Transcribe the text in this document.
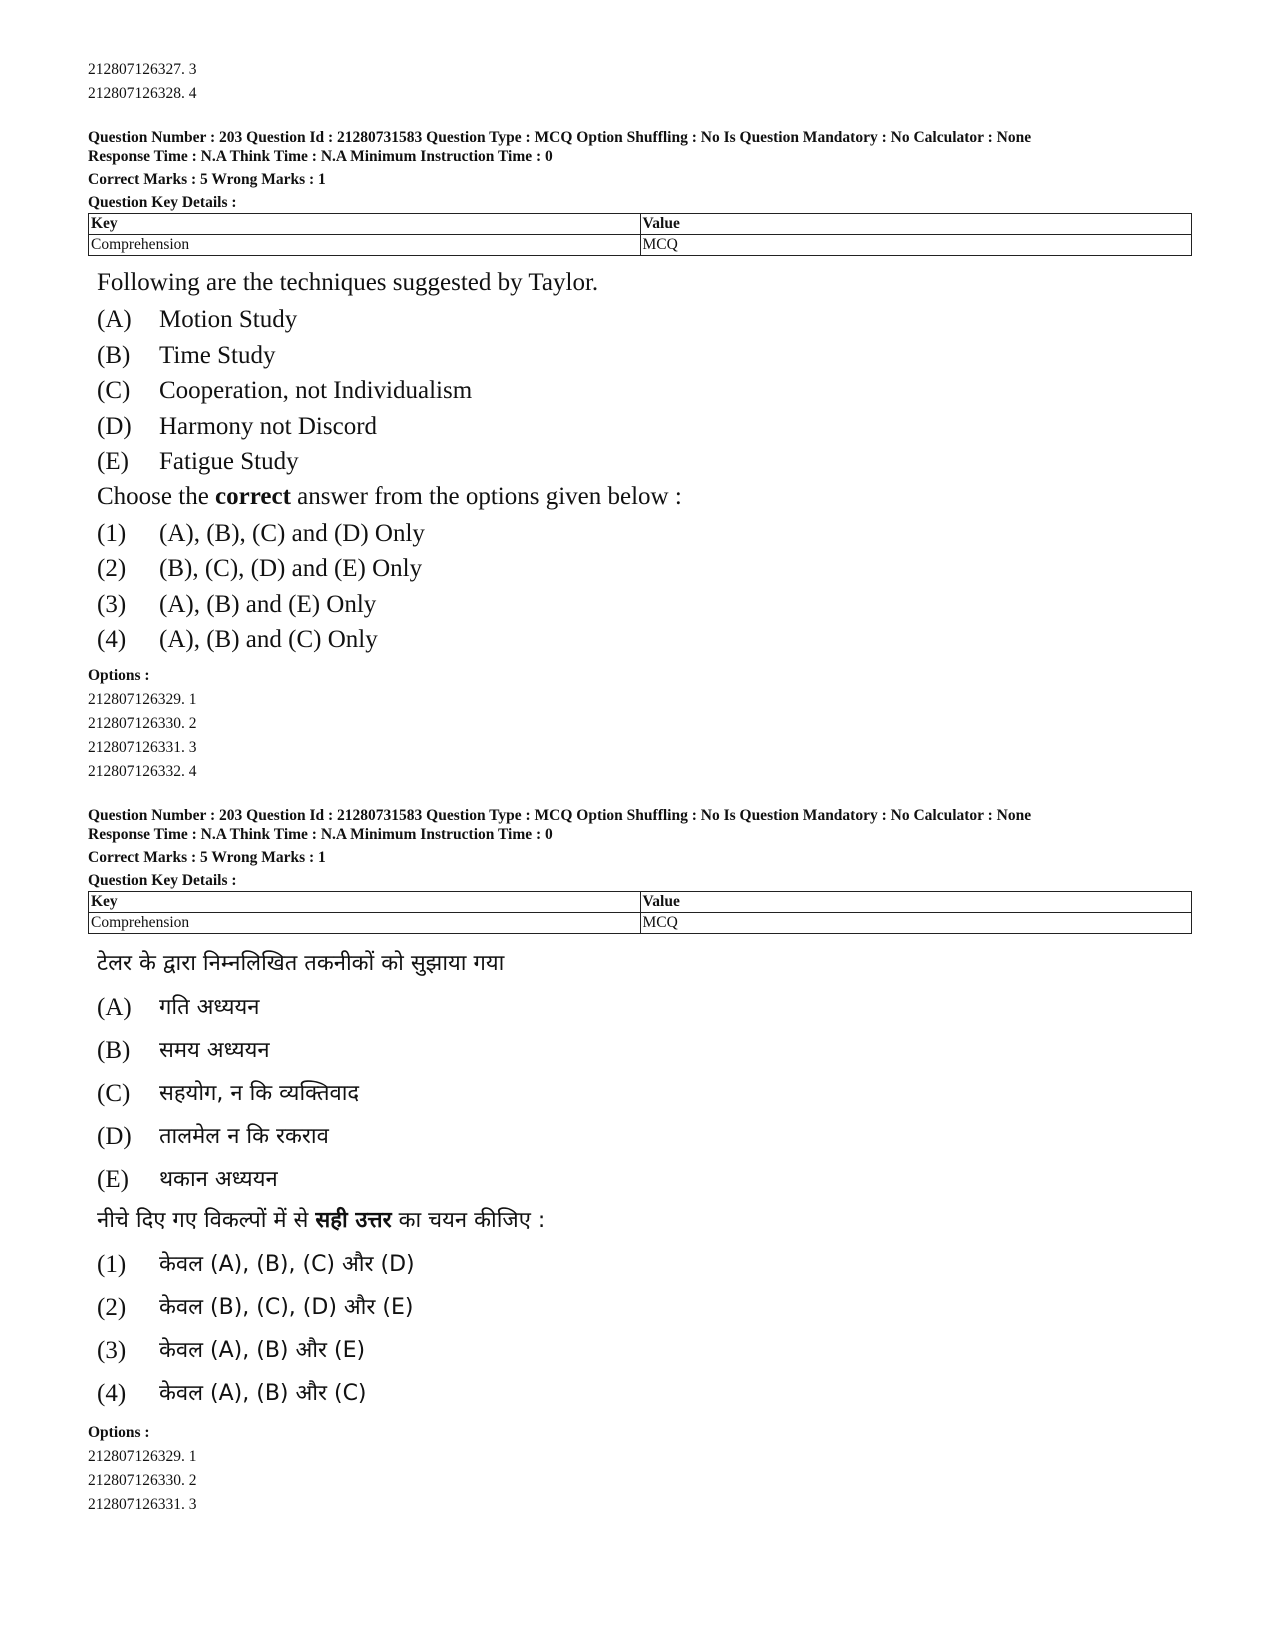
212807126327. 3

212807126328. 4

Question Number : 203 Question Id : 21280731583 Question Type : MCQ Option Shuffling : No Is Question Mandatory : No Calculator : None

Response Time : N.A Think Time : N.A Minimum Instruction Time : 0

Correct Marks : 5 Wrong Marks : 1

Question Key Details :

Key	Value
Comprehension	MCQ

Following are the techniques suggested by Taylor.

(A)	Motion Study
(B)	Time Study
(C)	Cooperation, not Individualism
(D)	Harmony not Discord
(E)	Fatigue Study

Choose the correct answer from the options given below :

(1)	(A), (B), (C) and (D) Only
(2)	(B), (C), (D) and (E) Only
(3)	(A), (B) and (E) Only
(4)	(A), (B) and (C) Only

Options :

212807126329. 1

212807126330. 2

212807126331. 3

212807126332. 4

Question Number : 203 Question Id : 21280731583 Question Type : MCQ Option Shuffling : No Is Question Mandatory : No Calculator : None

Response Time : N.A Think Time : N.A Minimum Instruction Time : 0

Correct Marks : 5 Wrong Marks : 1

Question Key Details :

Key	Value
Comprehension	MCQ

टेलर के द्वारा निम्नलिखित तकनीकों को सुझाया गया

(A)	गति अध्ययन
(B)	समय अध्ययन
(C)	सहयोग, न कि व्यक्तिवाद
(D)	तालमेल न कि रकराव
(E)	थकान अध्ययन

नीचे दिए गए विकल्पों में से सही उत्तर का चयन कीजिए :

(1)	केवल (A), (B), (C) और (D)
(2)	केवल (B), (C), (D) और (E)
(3)	केवल (A), (B) और (E)
(4)	केवल (A), (B) और (C)

Options :

212807126329. 1

212807126330. 2

212807126331. 3
